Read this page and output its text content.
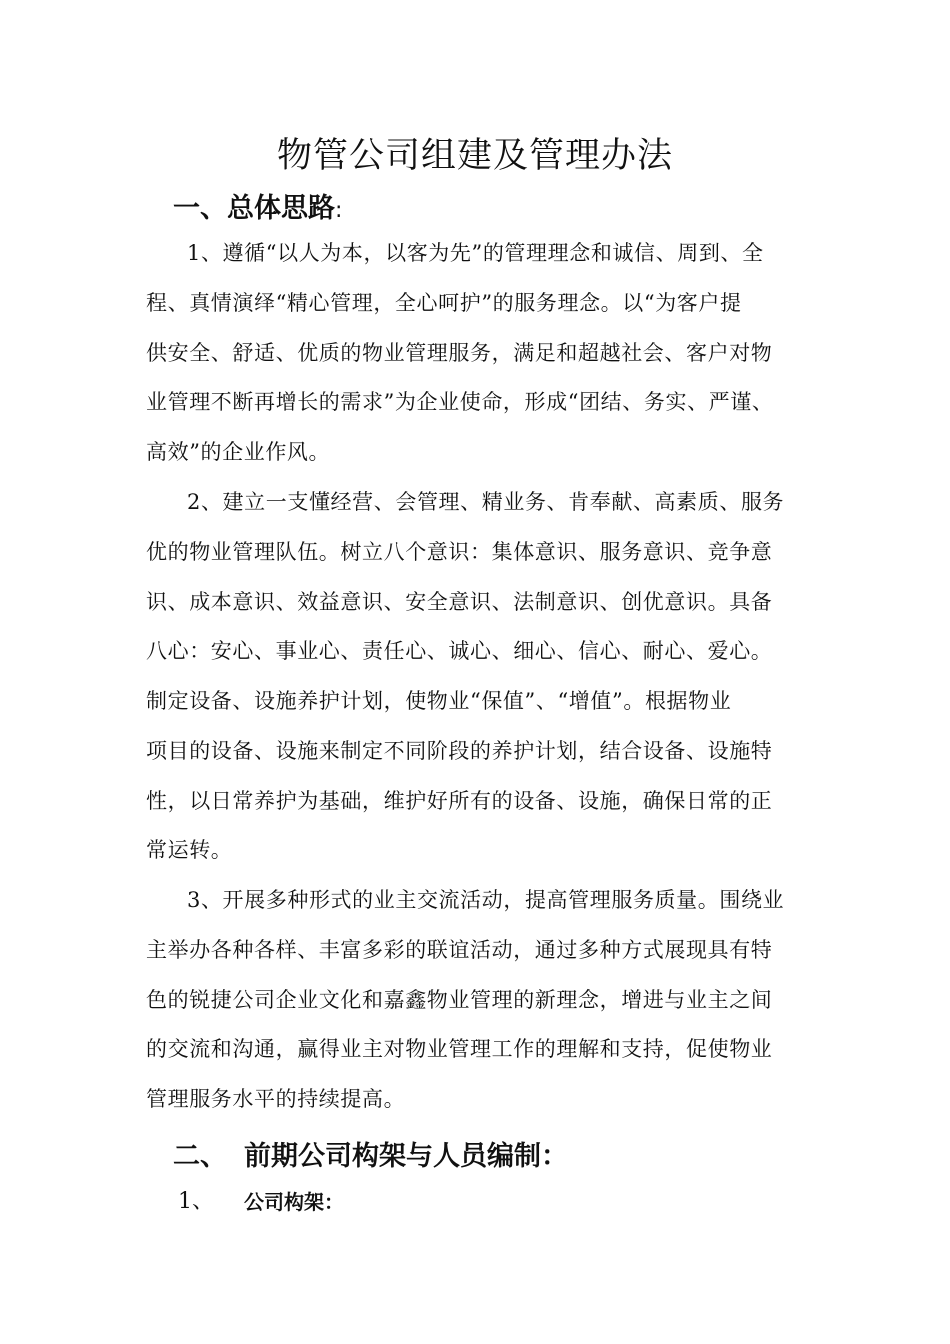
物管公司组建及管理办法
一、总体思路:
1、遵循“以人为本，以客为先”的管理理念和诚信、周到、全
程、真情演绎“精心管理，全心呵护”的服务理念。以“为客户提
供安全、舒适、优质的物业管理服务，满足和超越社会、客户对物
业管理不断再增长的需求”为企业使命，形成“团结、务实、严谨、
高效”的企业作风。
2、建立一支懂经营、会管理、精业务、肯奉献、高素质、服务
优的物业管理队伍。树立八个意识：集体意识、服务意识、竞争意
识、成本意识、效益意识、安全意识、法制意识、创优意识。具备
八心：安心、事业心、责任心、诚心、细心、信心、耐心、爱心。
制定设备、设施养护计划，使物业“保值”、“增值”。根据物业
项目的设备、设施来制定不同阶段的养护计划，结合设备、设施特
性，以日常养护为基础，维护好所有的设备、设施，确保日常的正
常运转。
3、开展多种形式的业主交流活动，提高管理服务质量。围绕业
主举办各种各样、丰富多彩的联谊活动，通过多种方式展现具有特
色的锐捷公司企业文化和嘉鑫物业管理的新理念，增进与业主之间
的交流和沟通，赢得业主对物业管理工作的理解和支持，促使物业
管理服务水平的持续提高。
二、 前期公司构架与人员编制：
1、 公司构架：
